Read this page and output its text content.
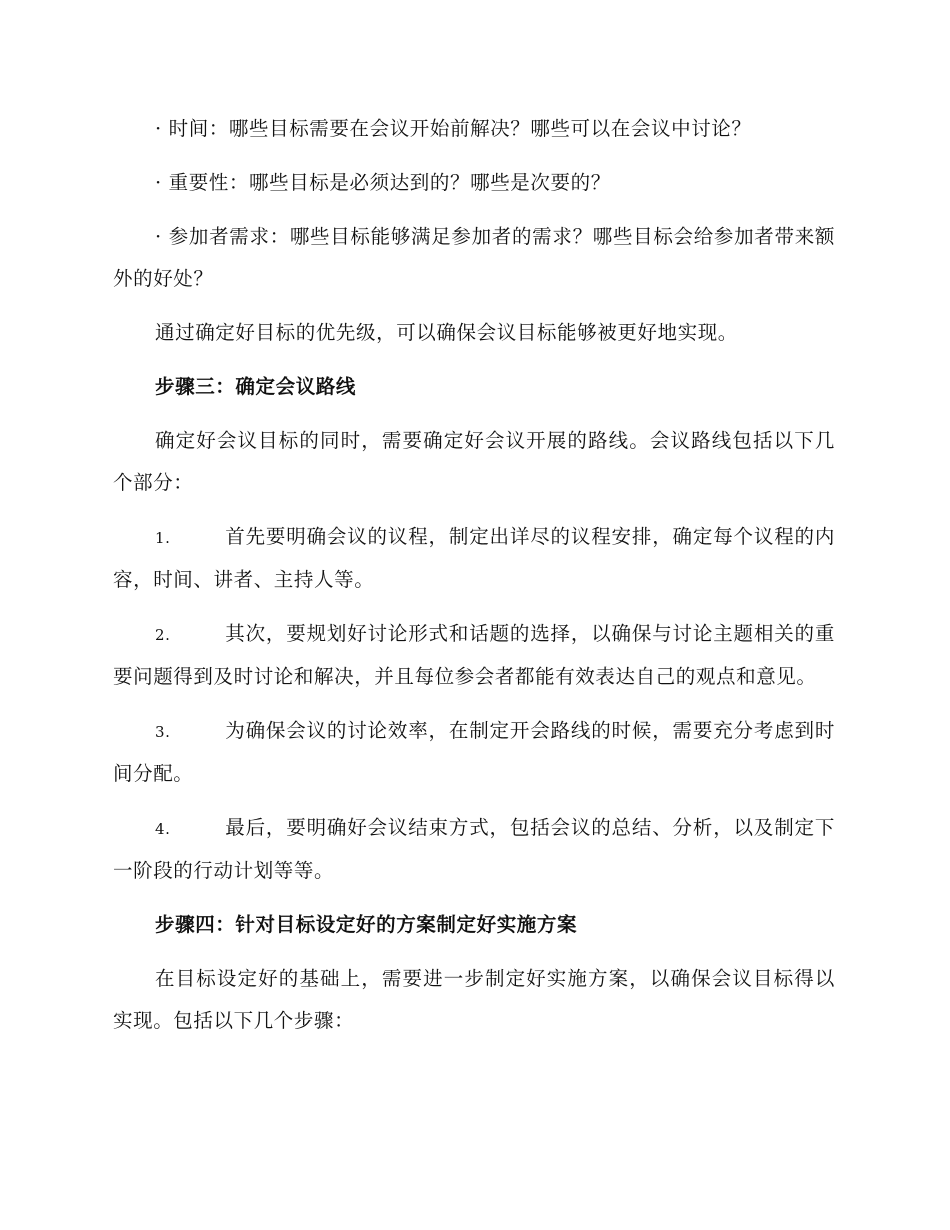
· 时间：哪些目标需要在会议开始前解决？哪些可以在会议中讨论？

· 重要性：哪些目标是必须达到的？哪些是次要的？

· 参加者需求：哪些目标能够满足参加者的需求？哪些目标会给参加者带来额外的好处？

通过确定好目标的优先级，可以确保会议目标能够被更好地实现。

步骤三：确定会议路线

确定好会议目标的同时，需要确定好会议开展的路线。会议路线包括以下几个部分：

1.	首先要明确会议的议程，制定出详尽的议程安排，确定每个议程的内容，时间、讲者、主持人等。

2.	其次，要规划好讨论形式和话题的选择，以确保与讨论主题相关的重要问题得到及时讨论和解决，并且每位参会者都能有效表达自己的观点和意见。

3.	为确保会议的讨论效率，在制定开会路线的时候，需要充分考虑到时间分配。

4.	最后，要明确好会议结束方式，包括会议的总结、分析，以及制定下一阶段的行动计划等等。

步骤四：针对目标设定好的方案制定好实施方案

在目标设定好的基础上，需要进一步制定好实施方案，以确保会议目标得以实现。包括以下几个步骤：
